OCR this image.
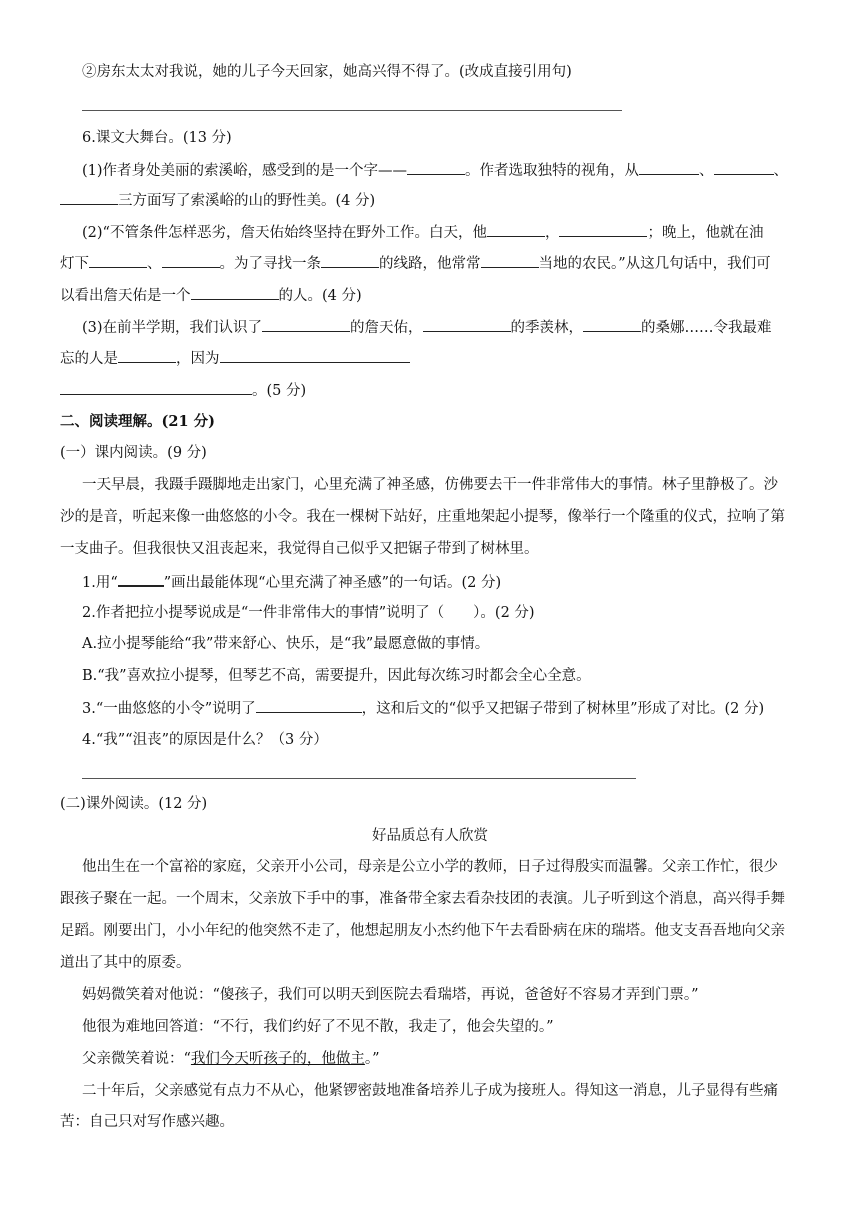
②房东太太对我说，她的儿子今天回家，她高兴得不得了。(改成直接引用句)
6.课文大舞台。(13 分)
(1)作者身处美丽的索溪峪，感受到的是一个字——	。作者选取独特的视角，从	、	、
三方面写了索溪峪的山的野性美。(4 分)
(2)“不管条件怎样恶劣，詹天佑始终坚持在野外工作。白天，他	，	；晚上，他就在油
灯下	、	。为了寻找一条	的线路，他常常	当地的农民。”从这几句话中，我们可
以看出詹天佑是一个	的人。(4 分)
(3)在前半学期，我们认识了	的詹天佑，	的季羡林，	的桑娜……令我最难
忘的人是	，因为
。(5 分)
二、阅读理解。(21 分)
(一）课内阅读。(9 分)
一天早晨，我蹑手蹑脚地走出家门，心里充满了神圣感，仿佛要去干一件非常伟大的事情。林子里静极了。沙
沙的是音，听起来像一曲悠悠的小令。我在一棵树下站好，庄重地架起小提琴，像举行一个隆重的仪式，拉响了第
一支曲子。但我很快又沮丧起来，我觉得自己似乎又把锯子带到了树林里。
1.用“	”画出最能体现“心里充满了神圣感”的一句话。(2 分)
2.作者把拉小提琴说成是“一件非常伟大的事情”说明了（　　）。(2 分)
A.拉小提琴能给“我”带来舒心、快乐，是“我”最愿意做的事情。
B.“我”喜欢拉小提琴，但琴艺不高，需要提升，因此每次练习时都会全心全意。
3.“一曲悠悠的小令”说明了	，这和后文的“似乎又把锯子带到了树林里”形成了对比。(2 分)
4.“我”“沮丧”的原因是什么？（3 分）
(二)课外阅读。(12 分)
好品质总有人欣赏
他出生在一个富裕的家庭，父亲开小公司，母亲是公立小学的教师，日子过得殷实而温馨。父亲工作忙，很少
跟孩子聚在一起。一个周末，父亲放下手中的事，准备带全家去看杂技团的表演。儿子听到这个消息，高兴得手舞
足蹈。刚要出门，小小年纪的他突然不走了，他想起朋友小杰约他下午去看卧病在床的瑞塔。他支支吾吾地向父亲
道出了其中的原委。
妈妈微笑着对他说：“傻孩子，我们可以明天到医院去看瑞塔，再说，爸爸好不容易才弄到门票。”
他很为难地回答道：“不行，我们约好了不见不散，我走了，他会失望的。”
父亲微笑着说：“我们今天听孩子的，他做主。”
二十年后，父亲感觉有点力不从心，他紧锣密鼓地准备培养儿子成为接班人。得知这一消息，儿子显得有些痛
苦：自己只对写作感兴趣。
